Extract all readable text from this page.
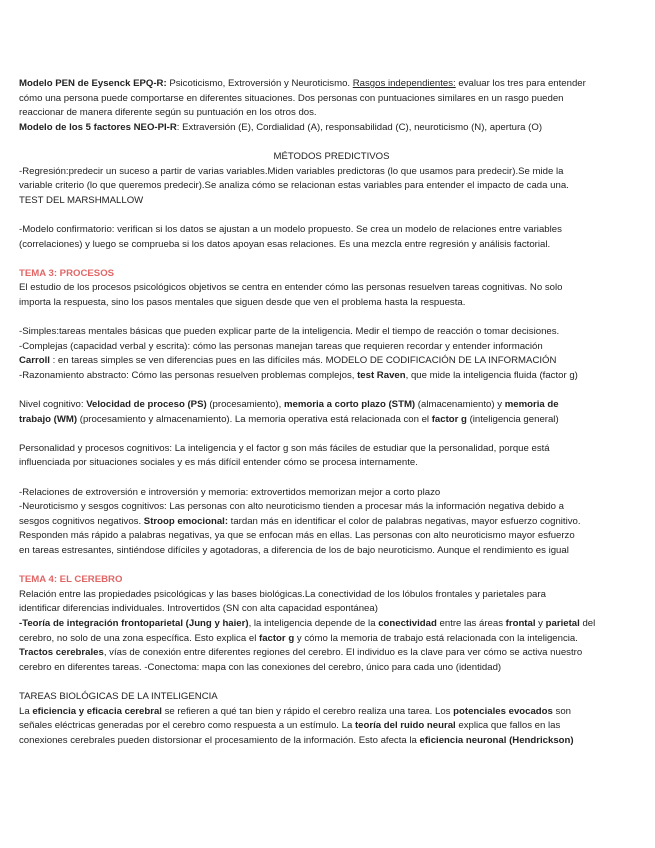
Modelo PEN de Eysenck EPQ-R: Psicoticismo, Extroversión y Neuroticismo. Rasgos independientes: evaluar los tres para entender
cómo una persona puede comportarse en diferentes situaciones. Dos personas con puntuaciones similares en un rasgo pueden
reaccionar de manera diferente según su puntuación en los otros dos.
Modelo de los 5 factores NEO-PI-R: Extraversión (E), Cordialidad (A), responsabilidad (C), neuroticismo (N), apertura (O)
MÉTODOS PREDICTIVOS
-Regresión:predecir un suceso a partir de varias variables.Miden variables predictoras (lo que usamos para predecir).Se mide la
variable criterio (lo que queremos predecir).Se analiza cómo se relacionan estas variables para entender el impacto de cada una.
TEST DEL MARSHMALLOW
-Modelo confirmatorio: verifican si los datos se ajustan a un modelo propuesto. Se crea un modelo de relaciones entre variables
(correlaciones) y luego se comprueba si los datos apoyan esas relaciones. Es una mezcla entre regresión y análisis factorial.
TEMA 3: PROCESOS
El estudio de los procesos psicológicos objetivos se centra en entender cómo las personas resuelven tareas cognitivas. No solo
importa la respuesta, sino los pasos mentales que siguen desde que ven el problema hasta la respuesta.
-Simples:tareas mentales básicas que pueden explicar parte de la inteligencia. Medir el tiempo de reacción o tomar decisiones.
-Complejas (capacidad verbal y escrita): cómo las personas manejan tareas que requieren recordar y entender información
Carroll : en tareas simples se ven diferencias pues en las difíciles más. MODELO DE CODIFICACIÓN DE LA INFORMACIÓN
-Razonamiento abstracto: Cómo las personas resuelven problemas complejos, test Raven, que mide la inteligencia fluida (factor g)
Nivel cognitivo: Velocidad de proceso (PS) (procesamiento), memoria a corto plazo (STM) (almacenamiento) y memoria de
trabajo (WM) (procesamiento y almacenamiento). La memoria operativa está relacionada con el factor g (inteligencia general)
Personalidad y procesos cognitivos: La inteligencia y el factor g son más fáciles de estudiar que la personalidad, porque está
influenciada por situaciones sociales y es más difícil entender cómo se procesa internamente.
-Relaciones de extroversión e introversión y memoria: extrovertidos memorizan mejor a corto plazo
-Neuroticismo y sesgos cognitivos: Las personas con alto neuroticismo tienden a procesar más la información negativa debido a
sesgos cognitivos negativos. Stroop emocional: tardan más en identificar el color de palabras negativas, mayor esfuerzo cognitivo.
Responden más rápido a palabras negativas, ya que se enfocan más en ellas. Las personas con alto neuroticismo mayor esfuerzo
en tareas estresantes, sintiéndose difíciles y agotadoras, a diferencia de los de bajo neuroticismo. Aunque el rendimiento es igual
TEMA 4: EL CEREBRO
Relación entre las propiedades psicológicas y las bases biológicas.La conectividad de los lóbulos frontales y parietales para
identificar diferencias individuales. Introvertidos (SN con alta capacidad espontánea)
-Teoría de integración frontoparietal (Jung y haier), la inteligencia depende de la conectividad entre las áreas frontal y parietal del
cerebro, no solo de una zona específica. Esto explica el factor g y cómo la memoria de trabajo está relacionada con la inteligencia.
Tractos cerebrales, vías de conexión entre diferentes regiones del cerebro. El individuo es la clave para ver cómo se activa nuestro
cerebro en diferentes tareas. -Conectoma: mapa con las conexiones del cerebro, único para cada uno (identidad)
TAREAS BIOLÓGICAS DE LA INTELIGENCIA
La eficiencia y eficacia cerebral se refieren a qué tan bien y rápido el cerebro realiza una tarea. Los potenciales evocados son
señales eléctricas generadas por el cerebro como respuesta a un estímulo. La teoría del ruido neural explica que fallos en las
conexiones cerebrales pueden distorsionar el procesamiento de la información. Esto afecta la eficiencia neuronal (Hendrickson)
